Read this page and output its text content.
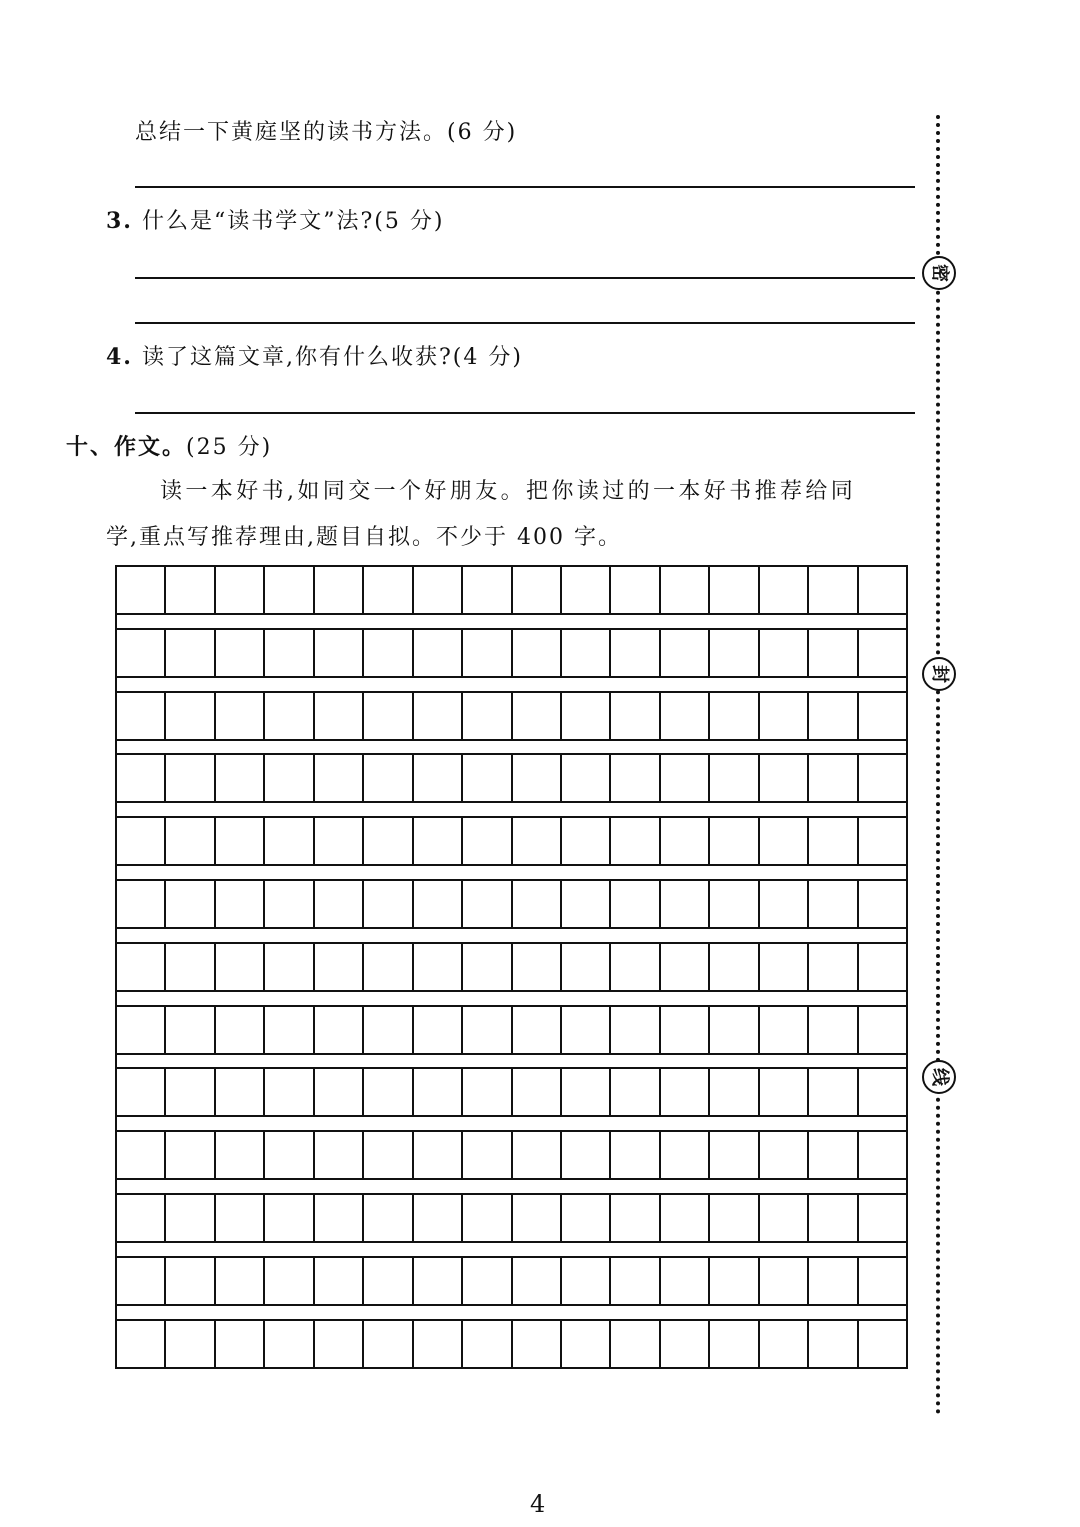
总结一下黄庭坚的读书方法。(6 分)
3. 什么是“读书学文”法?(5 分)
4. 读了这篇文章,你有什么收获?(4 分)
十、作文。(25 分)
读一本好书,如同交一个好朋友。把你读过的一本好书推荐给同
学,重点写推荐理由,题目自拟。不少于 400 字。
密
封
线
4
